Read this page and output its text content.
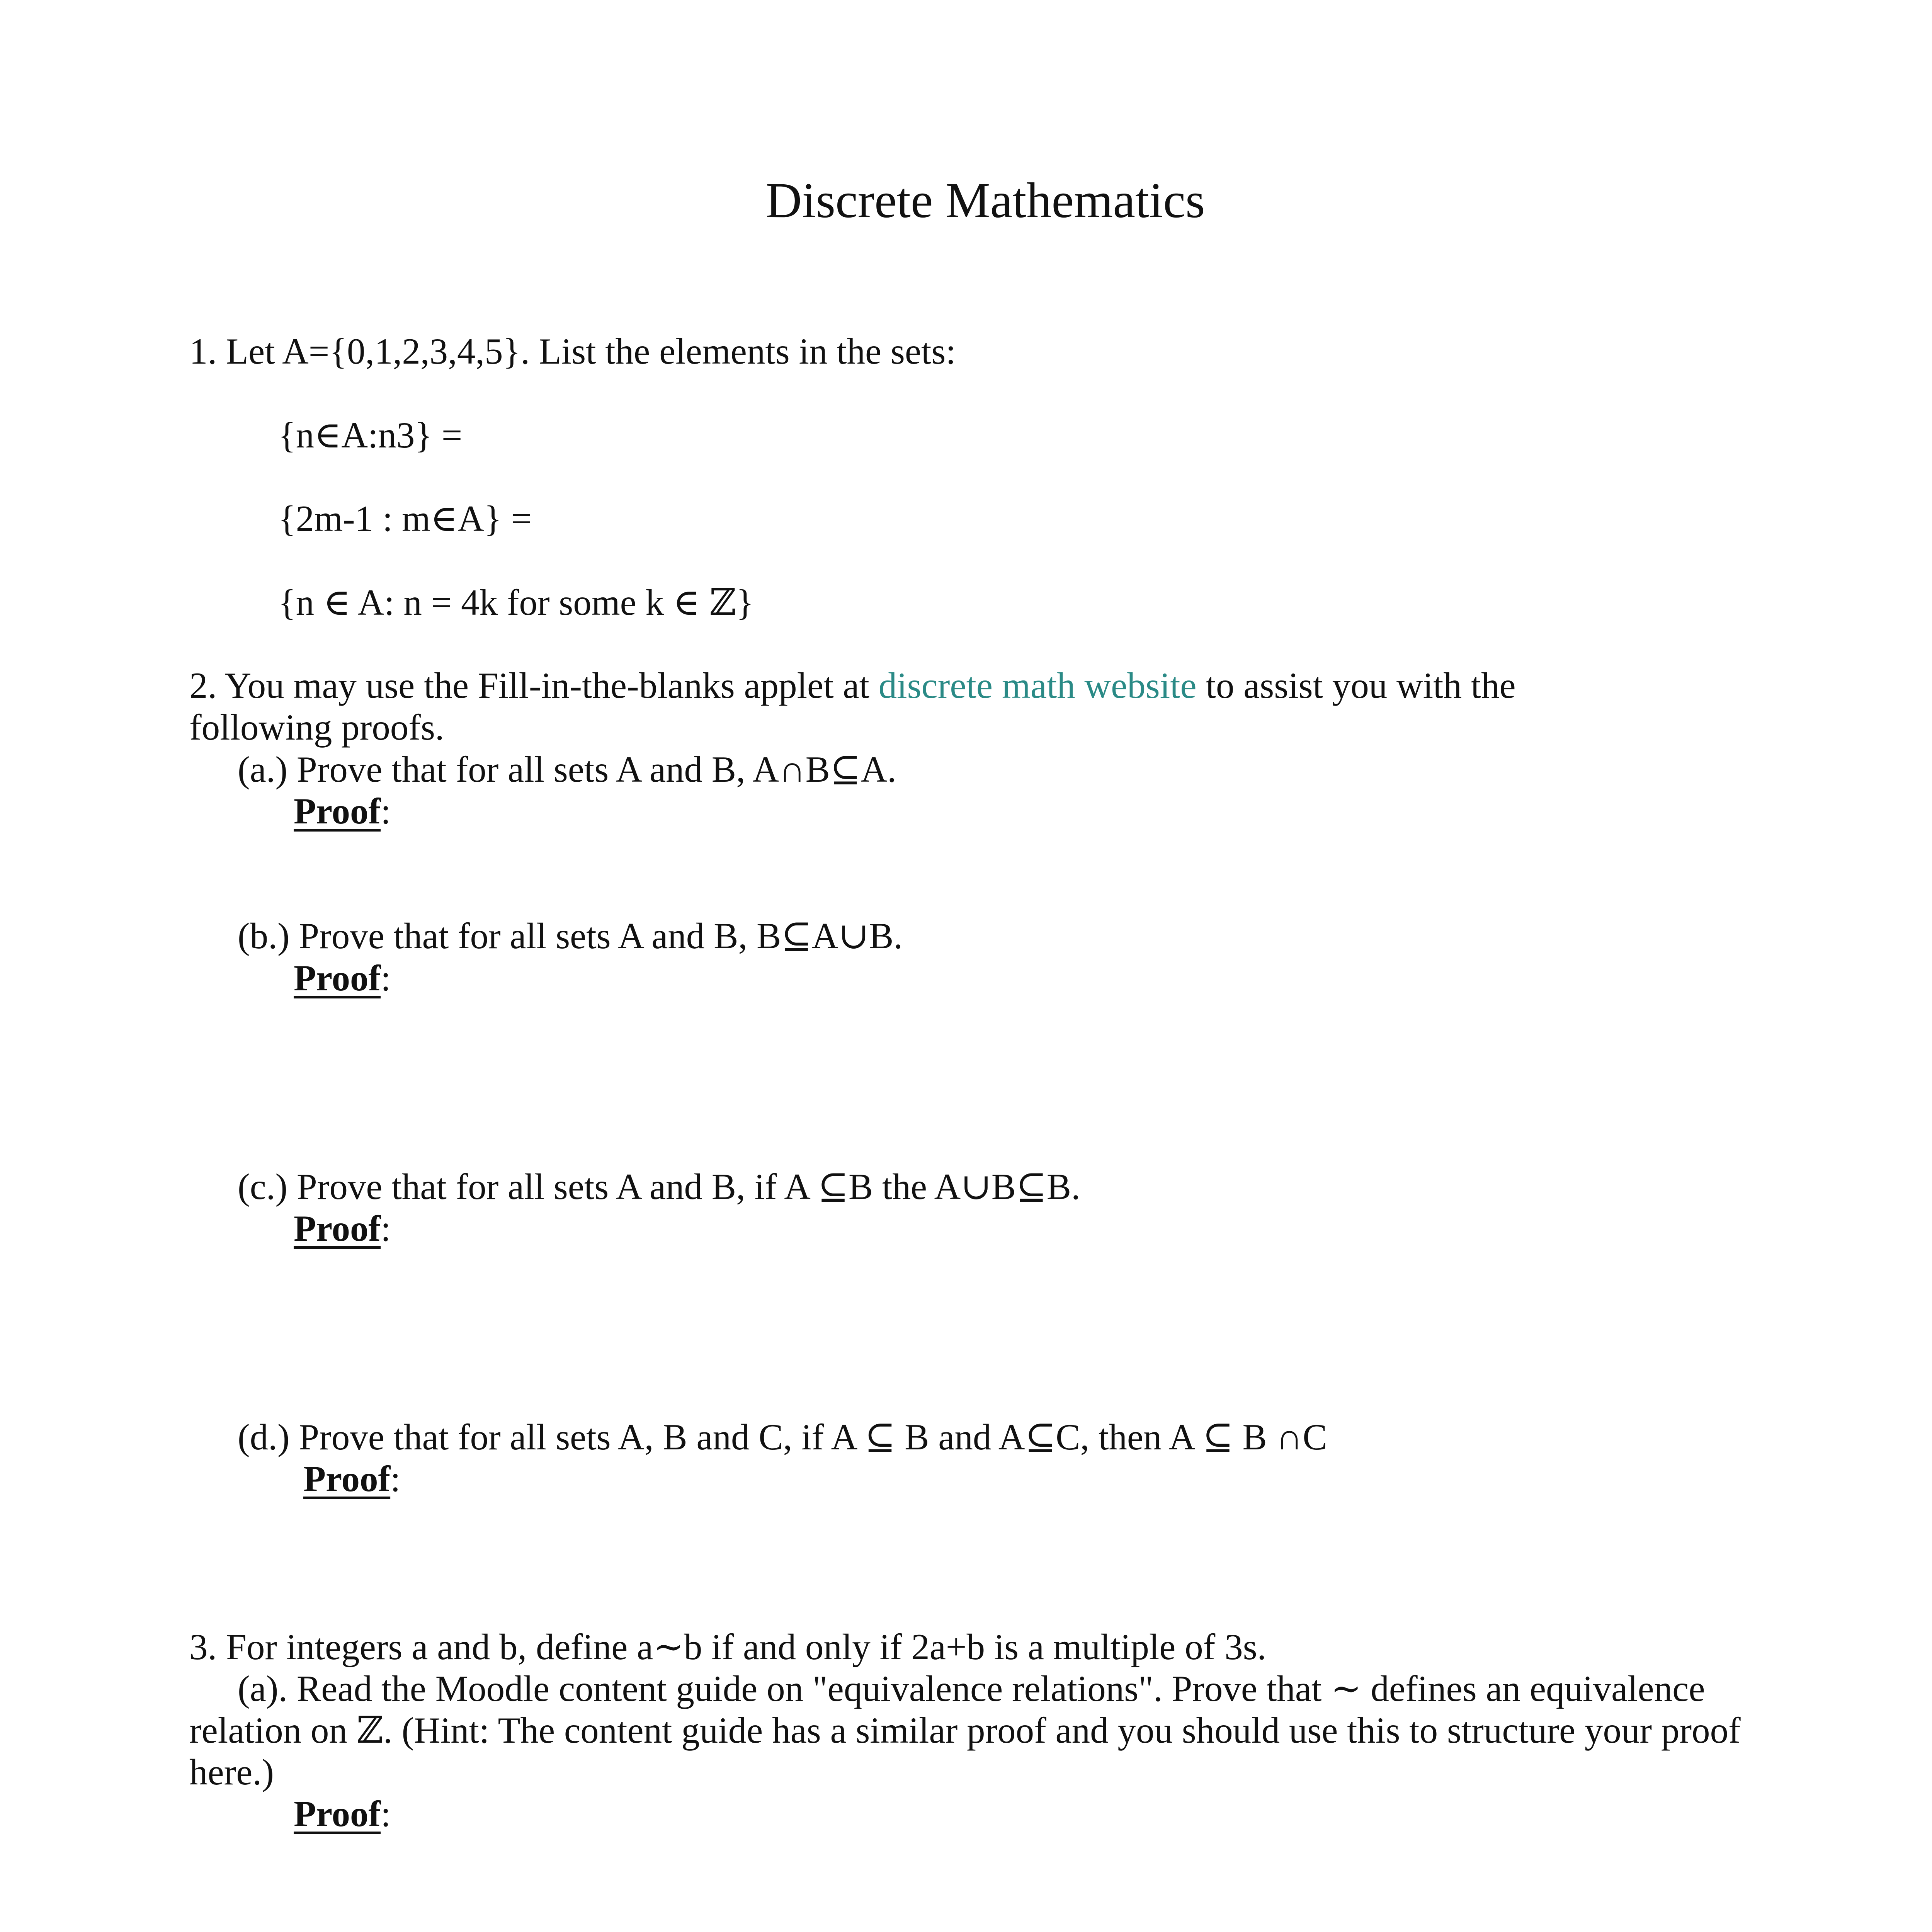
Discrete Mathematics
1. Let A={0,1,2,3,4,5}. List the elements in the sets:
{n∈A:n3} =
{2m-1 : m∈A} =
{n ∈ A: n = 4k for some k ∈ ℤ}
2. You may use the Fill-in-the-blanks applet at discrete math website to assist you with the
following proofs.
(a.) Prove that for all sets A and B, A∩B⊆A.
Proof:
(b.) Prove that for all sets A and B, B⊆A∪B.
Proof:
(c.) Prove that for all sets A and B, if A ⊆B the A∪B⊆B.
Proof:
(d.) Prove that for all sets A, B and C, if A ⊆ B and A⊆C, then A ⊆ B ∩C
Proof:
3. For integers a and b, define a∼b if and only if 2a+b is a multiple of 3s.
(a). Read the Moodle content guide on "equivalence relations". Prove that ∼ defines an equivalence
relation on ℤ. (Hint: The content guide has a similar proof and you should use this to structure your proof
here.)
Proof:
